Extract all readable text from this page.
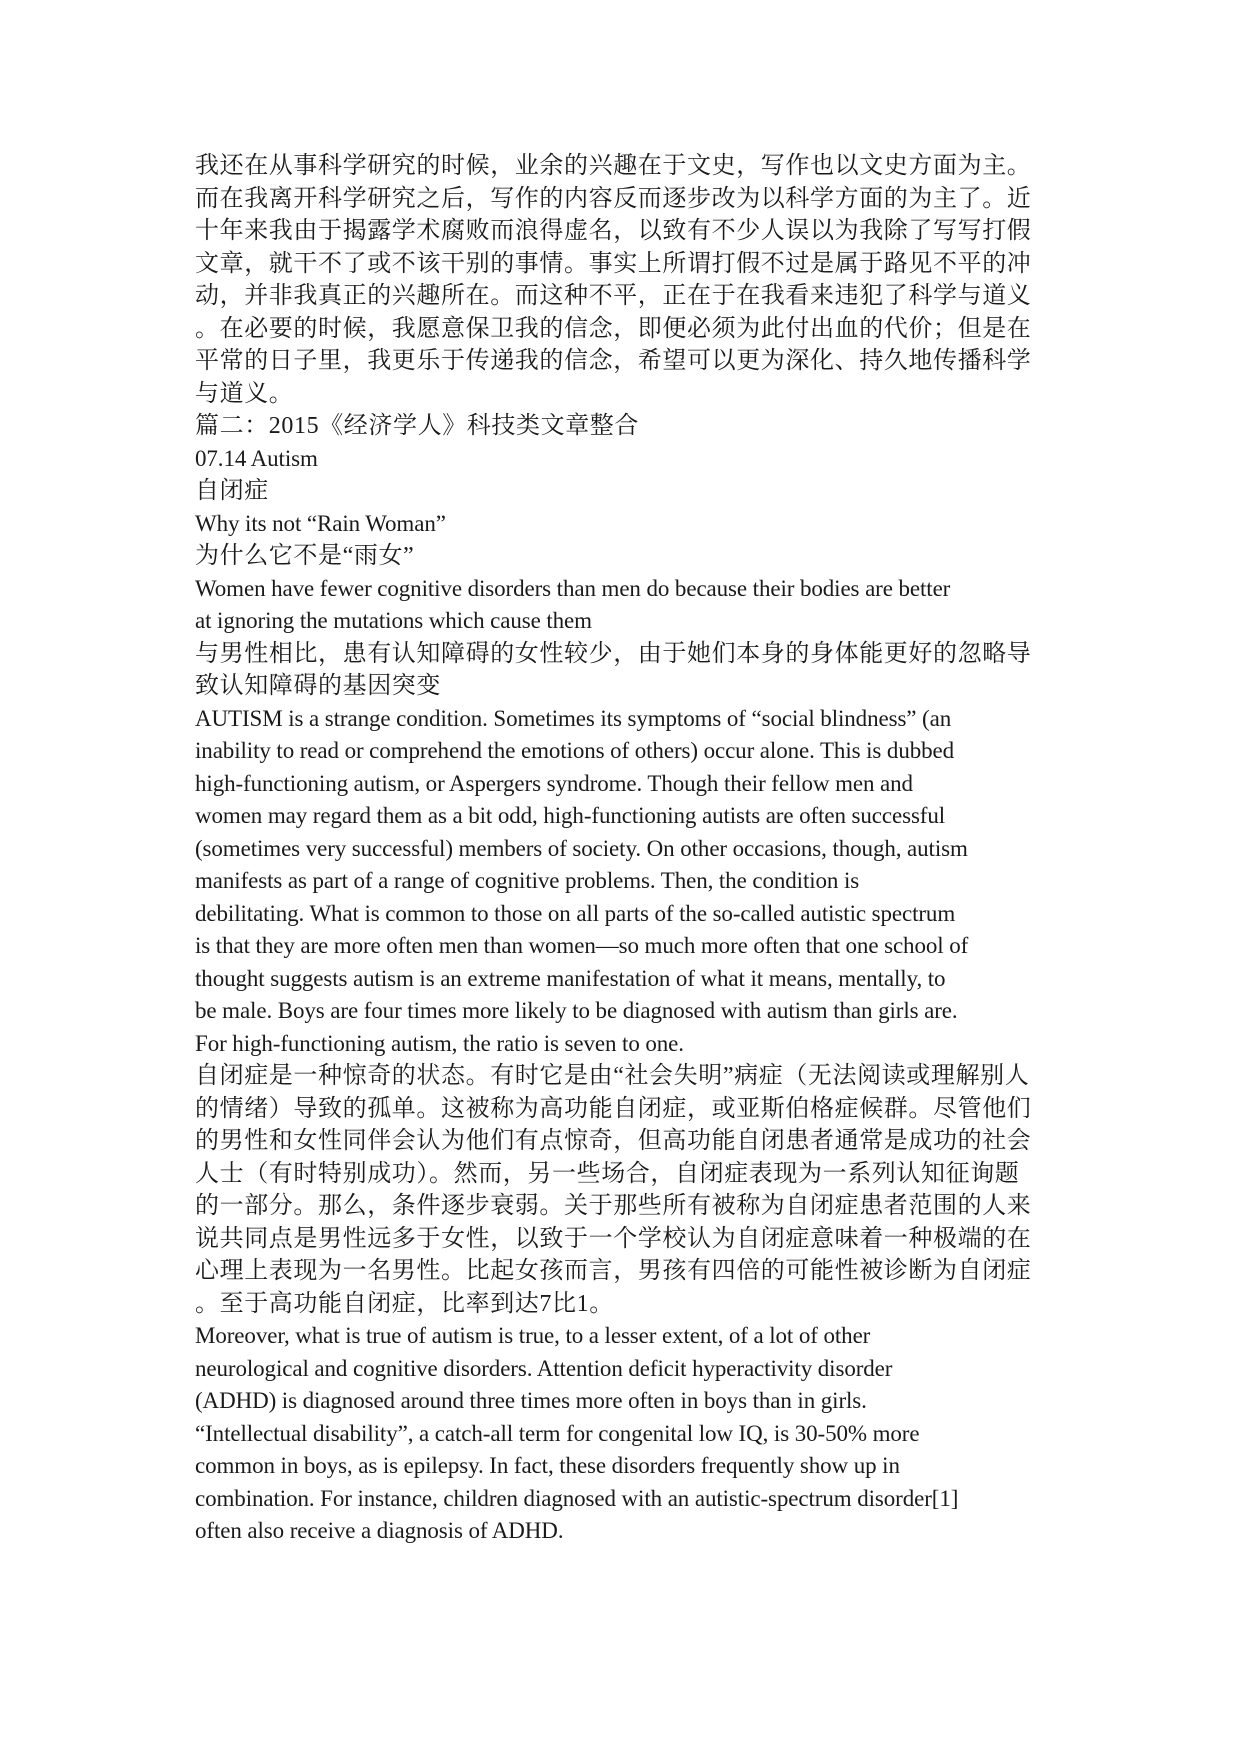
我还在从事科学研究的时候，业余的兴趣在于文史，写作也以文史方面为主。
而在我离开科学研究之后，写作的内容反而逐步改为以科学方面的为主了。近
十年来我由于揭露学术腐败而浪得虚名，以致有不少人误以为我除了写写打假
文章，就干不了或不该干别的事情。事实上所谓打假不过是属于路见不平的冲
动，并非我真正的兴趣所在。而这种不平，正在于在我看来违犯了科学与道义
。在必要的时候，我愿意保卫我的信念，即便必须为此付出血的代价；但是在
平常的日子里，我更乐于传递我的信念，希望可以更为深化、持久地传播科学
与道义。
篇二：2015《经济学人》科技类文章整合
07.14 Autism
自闭症
Why its not “Rain Woman”
为什么它不是“雨女”
Women have fewer cognitive disorders than men do because their bodies are better
at ignoring the mutations which cause them
与男性相比，患有认知障碍的女性较少，由于她们本身的身体能更好的忽略导
致认知障碍的基因突变
AUTISM is a strange condition. Sometimes its symptoms of “social blindness” (an
inability to read or comprehend the emotions of others) occur alone. This is dubbed
high-functioning autism, or Aspergers syndrome. Though their fellow men and
women may regard them as a bit odd, high-functioning autists are often successful
(sometimes very successful) members of society. On other occasions, though, autism
manifests as part of a range of cognitive problems. Then, the condition is
debilitating. What is common to those on all parts of the so-called autistic spectrum
is that they are more often men than women—so much more often that one school of
thought suggests autism is an extreme manifestation of what it means, mentally, to
be male. Boys are four times more likely to be diagnosed with autism than girls are.
For high-functioning autism, the ratio is seven to one.
自闭症是一种惊奇的状态。有时它是由“社会失明”病症（无法阅读或理解别人
的情绪）导致的孤单。这被称为高功能自闭症，或亚斯伯格症候群。尽管他们
的男性和女性同伴会认为他们有点惊奇，但高功能自闭患者通常是成功的社会
人士（有时特别成功）。然而，另一些场合，自闭症表现为一系列认知征询题
的一部分。那么，条件逐步衰弱。关于那些所有被称为自闭症患者范围的人来
说共同点是男性远多于女性，以致于一个学校认为自闭症意味着一种极端的在
心理上表现为一名男性。比起女孩而言，男孩有四倍的可能性被诊断为自闭症
。至于高功能自闭症，比率到达7比1。
Moreover, what is true of autism is true, to a lesser extent, of a lot of other
neurological and cognitive disorders. Attention deficit hyperactivity disorder
(ADHD) is diagnosed around three times more often in boys than in girls.
“Intellectual disability”, a catch-all term for congenital low IQ, is 30-50% more
common in boys, as is epilepsy. In fact, these disorders frequently show up in
combination. For instance, children diagnosed with an autistic-spectrum disorder[1]
often also receive a diagnosis of ADHD.
